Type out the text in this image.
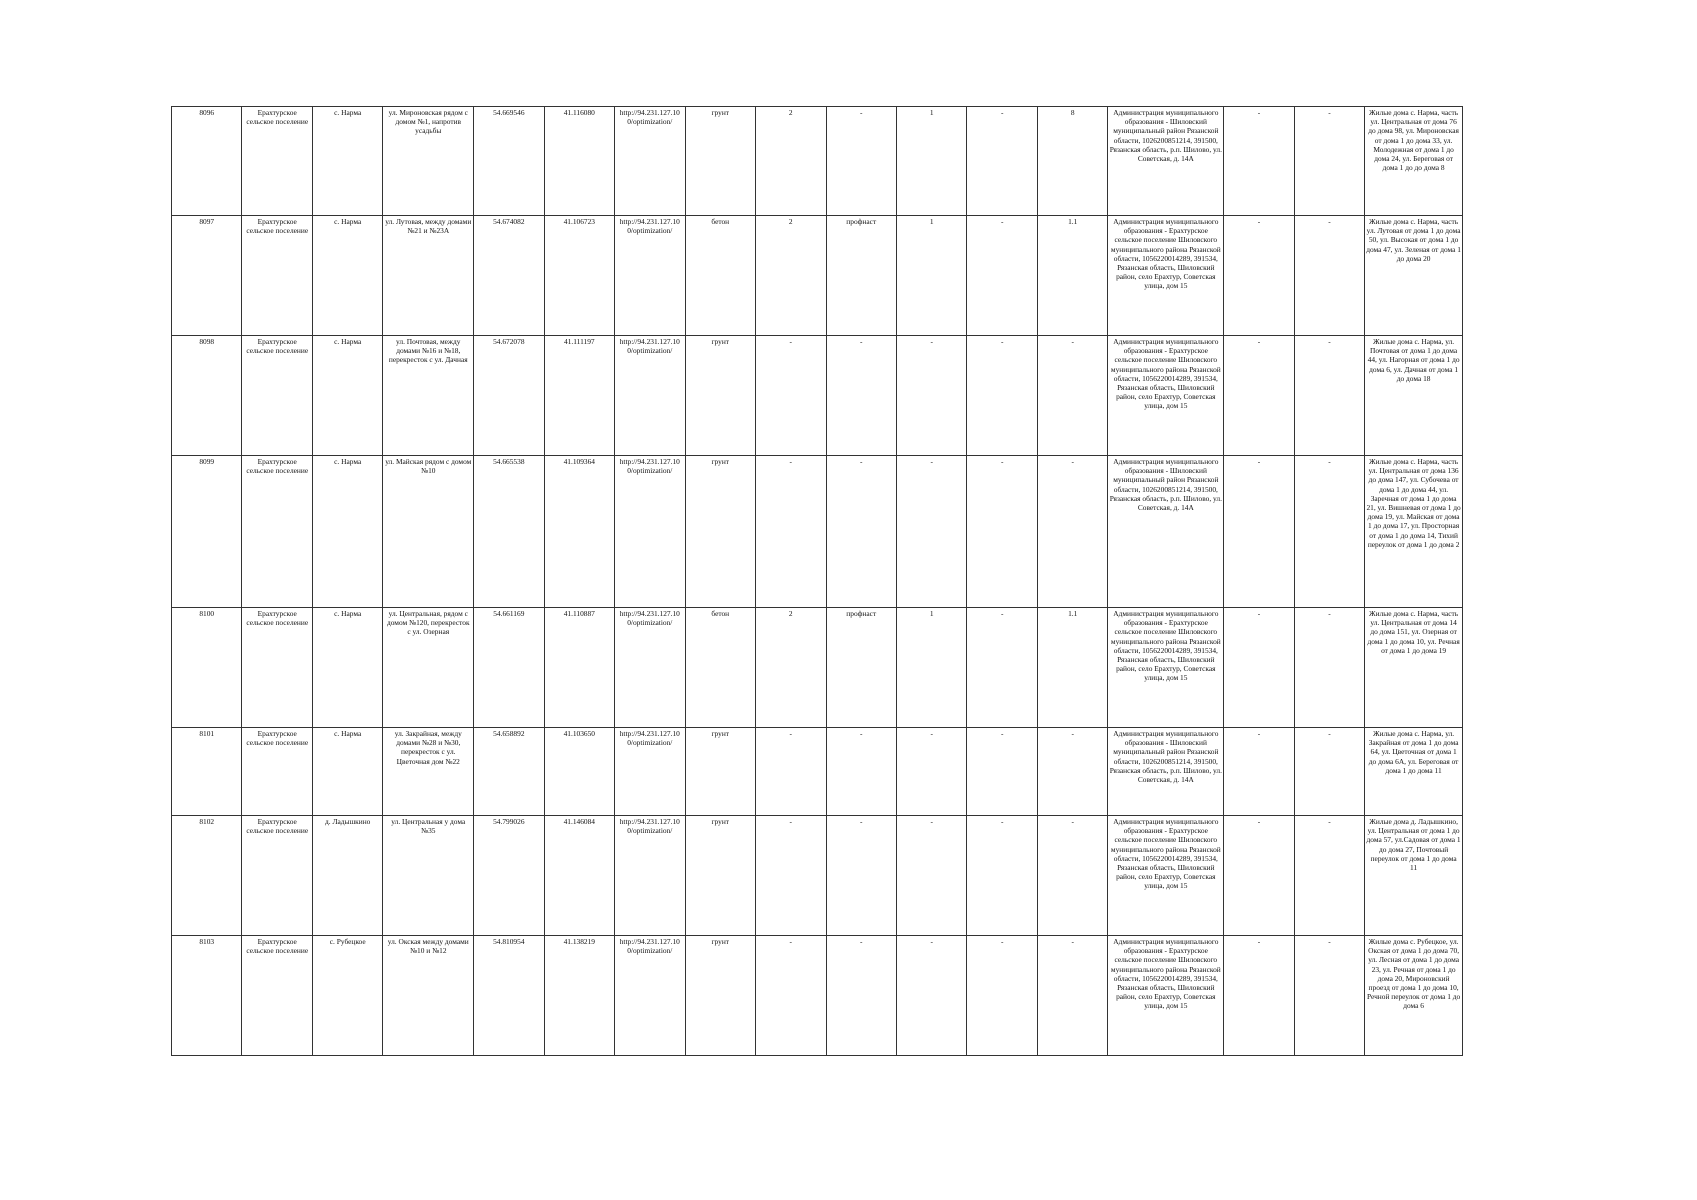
8096	Ерахтурское сельское поселение	с. Нарма	ул. Мироновская рядом с домом №1, напротив усадьбы	54.669546	41.116080	http://94.231.127.10 0/optimization/	грунт	2	-	1	-	8	Администрация муниципального образования - Шиловский муниципальный район Рязанской области, 1026200851214, 391500, Рязанская область, р.п. Шилово, ул. Советская, д. 14А	-	-	Жилые дома с. Нарма, часть ул. Центральная от дома 76 до дома 98, ул. Мироновская от дома 1 до дома 33, ул. Молодежная от дома 1 до дома 24, ул. Береговая от дома 1 до до дома 8
8097	Ерахтурское сельское поселение	с. Нарма	ул. Лутовая, между домами №21 и №23А	54.674082	41.106723	http://94.231.127.10 0/optimization/	бетон	2	профнаст	1	-	1.1	Администрация муниципального образования - Ерахтурское сельское поселение Шиловского муниципального района Рязанской области, 1056220014289, 391534, Рязанская область, Шиловский район, село Ерахтур, Советская улица, дом 15	-	-	Жилые дома с. Нарма, часть ул. Лутовая от дома 1 до дома 50, ул. Высокая от дома 1 до дома 47, ул. Зеленая от дома 1 до дома 20
8098	Ерахтурское сельское поселение	с. Нарма	ул. Почтовая, между домами №16 и №18, перекресток с ул. Дачная	54.672078	41.111197	http://94.231.127.10 0/optimization/	грунт	-	-	-	-	-	Администрация муниципального образования - Ерахтурское сельское поселение Шиловского муниципального района Рязанской области, 1056220014289, 391534, Рязанская область, Шиловский район, село Ерахтур, Советская улица, дом 15	-	-	Жилые дома с. Нарма, ул. Почтовая от дома 1 до дома 44, ул. Нагорная от дома 1 до дома 6, ул. Дачная от дома 1 до дома 18
8099	Ерахтурское сельское поселение	с. Нарма	ул. Майская рядом с домом №10	54.665538	41.109364	http://94.231.127.10 0/optimization/	грунт	-	-	-	-	-	Администрация муниципального образования - Шиловский муниципальный район Рязанской области, 1026200851214, 391500, Рязанская область, р.п. Шилово, ул. Советская, д. 14А	-	-	Жилые дома с. Нарма, часть ул. Центральная от дома 136 до дома 147, ул. Субочева от дома 1 до дома 44, ул. Заречная от дома 1 до дома 21, ул. Вишневая от дома 1 до дома 19, ул. Майская от дома 1 до дома 17, ул. Просторная от дома 1 до дома 14, Тихий переулок от дома 1 до дома 2
8100	Ерахтурское сельское поселение	с. Нарма	ул. Центральная, рядом с домом №120, перекресток с ул. Озерная	54.661169	41.110887	http://94.231.127.10 0/optimization/	бетон	2	профнаст	1	-	1.1	Администрация муниципального образования - Ерахтурское сельское поселение Шиловского муниципального района Рязанской области, 1056220014289, 391534, Рязанская область, Шиловский район, село Ерахтур, Советская улица, дом 15	-	-	Жилые дома с. Нарма, часть ул. Центральная от дома 14 до дома 151, ул. Озерная от дома 1 до дома 10, ул. Речная от дома 1 до дома 19
8101	Ерахтурское сельское поселение	с. Нарма	ул. Закрайная, между домами №28 и №30, перекресток с ул. Цветочная дом №22	54.658892	41.103650	http://94.231.127.10 0/optimization/	грунт	-	-	-	-	-	Администрация муниципального образования - Шиловский муниципальный район Рязанской области, 1026200851214, 391500, Рязанская область, р.п. Шилово, ул. Советская, д. 14А	-	-	Жилые дома с. Нарма, ул. Закрайная от дома 1 до дома 64, ул. Цветочная от дома 1 до дома 6А, ул. Береговая от дома 1 до дома 11
8102	Ерахтурское сельское поселение	д. Ладышкино	ул. Центральная у дома №35	54.799026	41.146084	http://94.231.127.10 0/optimization/	грунт	-	-	-	-	-	Администрация муниципального образования - Ерахтурское сельское поселение Шиловского муниципального района Рязанской области, 1056220014289, 391534, Рязанская область, Шиловский район, село Ерахтур, Советская улица, дом 15	-	-	Жилые дома д. Ладышкино, ул. Центральная от дома 1 до дома 57, ул.Садовая от дома 1 до дома 27, Почтовый переулок от дома 1 до дома 11
8103	Ерахтурское сельское поселение	с. Рубецкое	ул. Окская между домами №10 и №12	54.810954	41.138219	http://94.231.127.10 0/optimization/	грунт	-	-	-	-	-	Администрация муниципального образования - Ерахтурское сельское поселение Шиловского муниципального района Рязанской области, 1056220014289, 391534, Рязанская область, Шиловский район, село Ерахтур, Советская улица, дом 15	-	-	Жилые дома с. Рубецкое, ул. Окская от дома 1 до дома 70, ул. Лесная от дома 1 до дома 23, ул. Речная от дома 1 до дома 20, Мироновский проезд от дома 1 до дома 10, Речной переулок от дома 1 до дома 6
